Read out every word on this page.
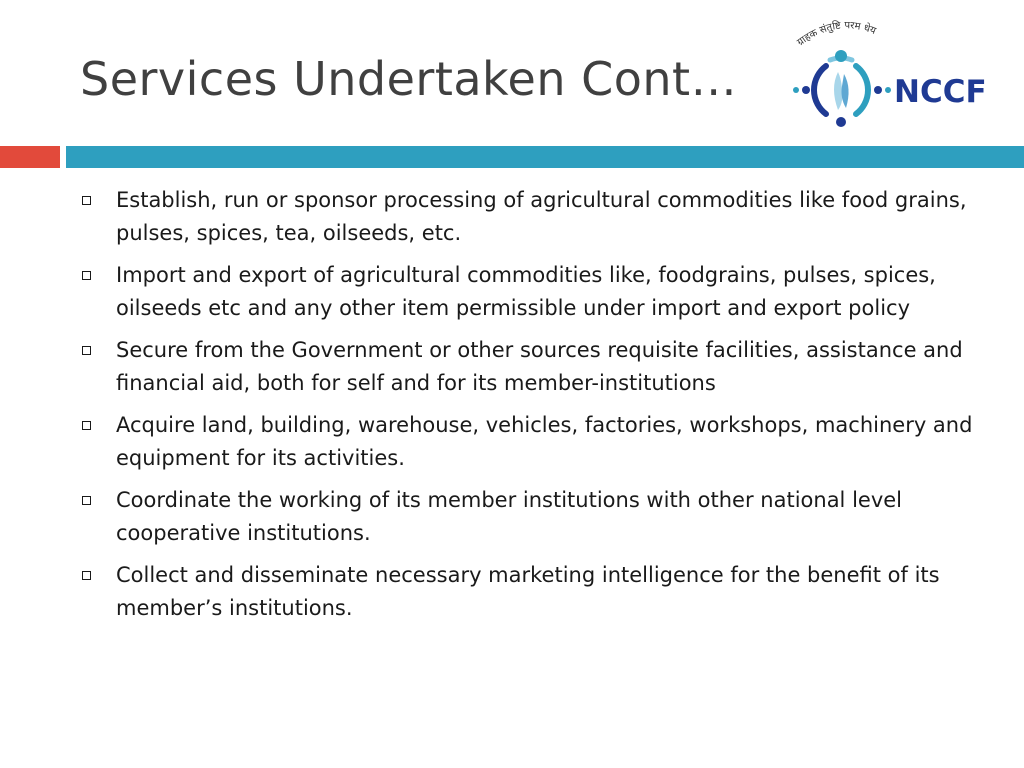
Services Undertaken Cont…
ग्राहक संतुष्टि परम धेय
NCCF
Establish, run or sponsor processing of agricultural commodities like food grains, pulses, spices, tea, oilseeds, etc.
Import and export of agricultural commodities like, foodgrains, pulses, spices, oilseeds etc and any other item permissible under import and export policy
Secure from the Government or other sources requisite facilities, assistance and financial aid, both for self and for its member-institutions
Acquire land, building, warehouse, vehicles, factories, workshops, machinery and equipment for its activities.
Coordinate the working of its member institutions with other national level cooperative institutions.
Collect and disseminate necessary marketing intelligence for the benefit of its member’s institutions.
